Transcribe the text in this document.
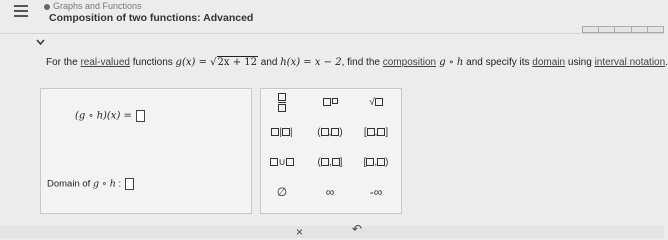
Graphs and Functions
Composition of two functions: Advanced
For the real-valued functions g(x) = √2x + 12 and h(x) = x − 2, find the composition g ∘ h and specify its domain using interval notation.
(g ∘ h)(x) =
Domain of g ∘ h :
√
| |	( , ) [ , ]
∪	( , ] [ , )
∅	∞	-∞
×	↶
